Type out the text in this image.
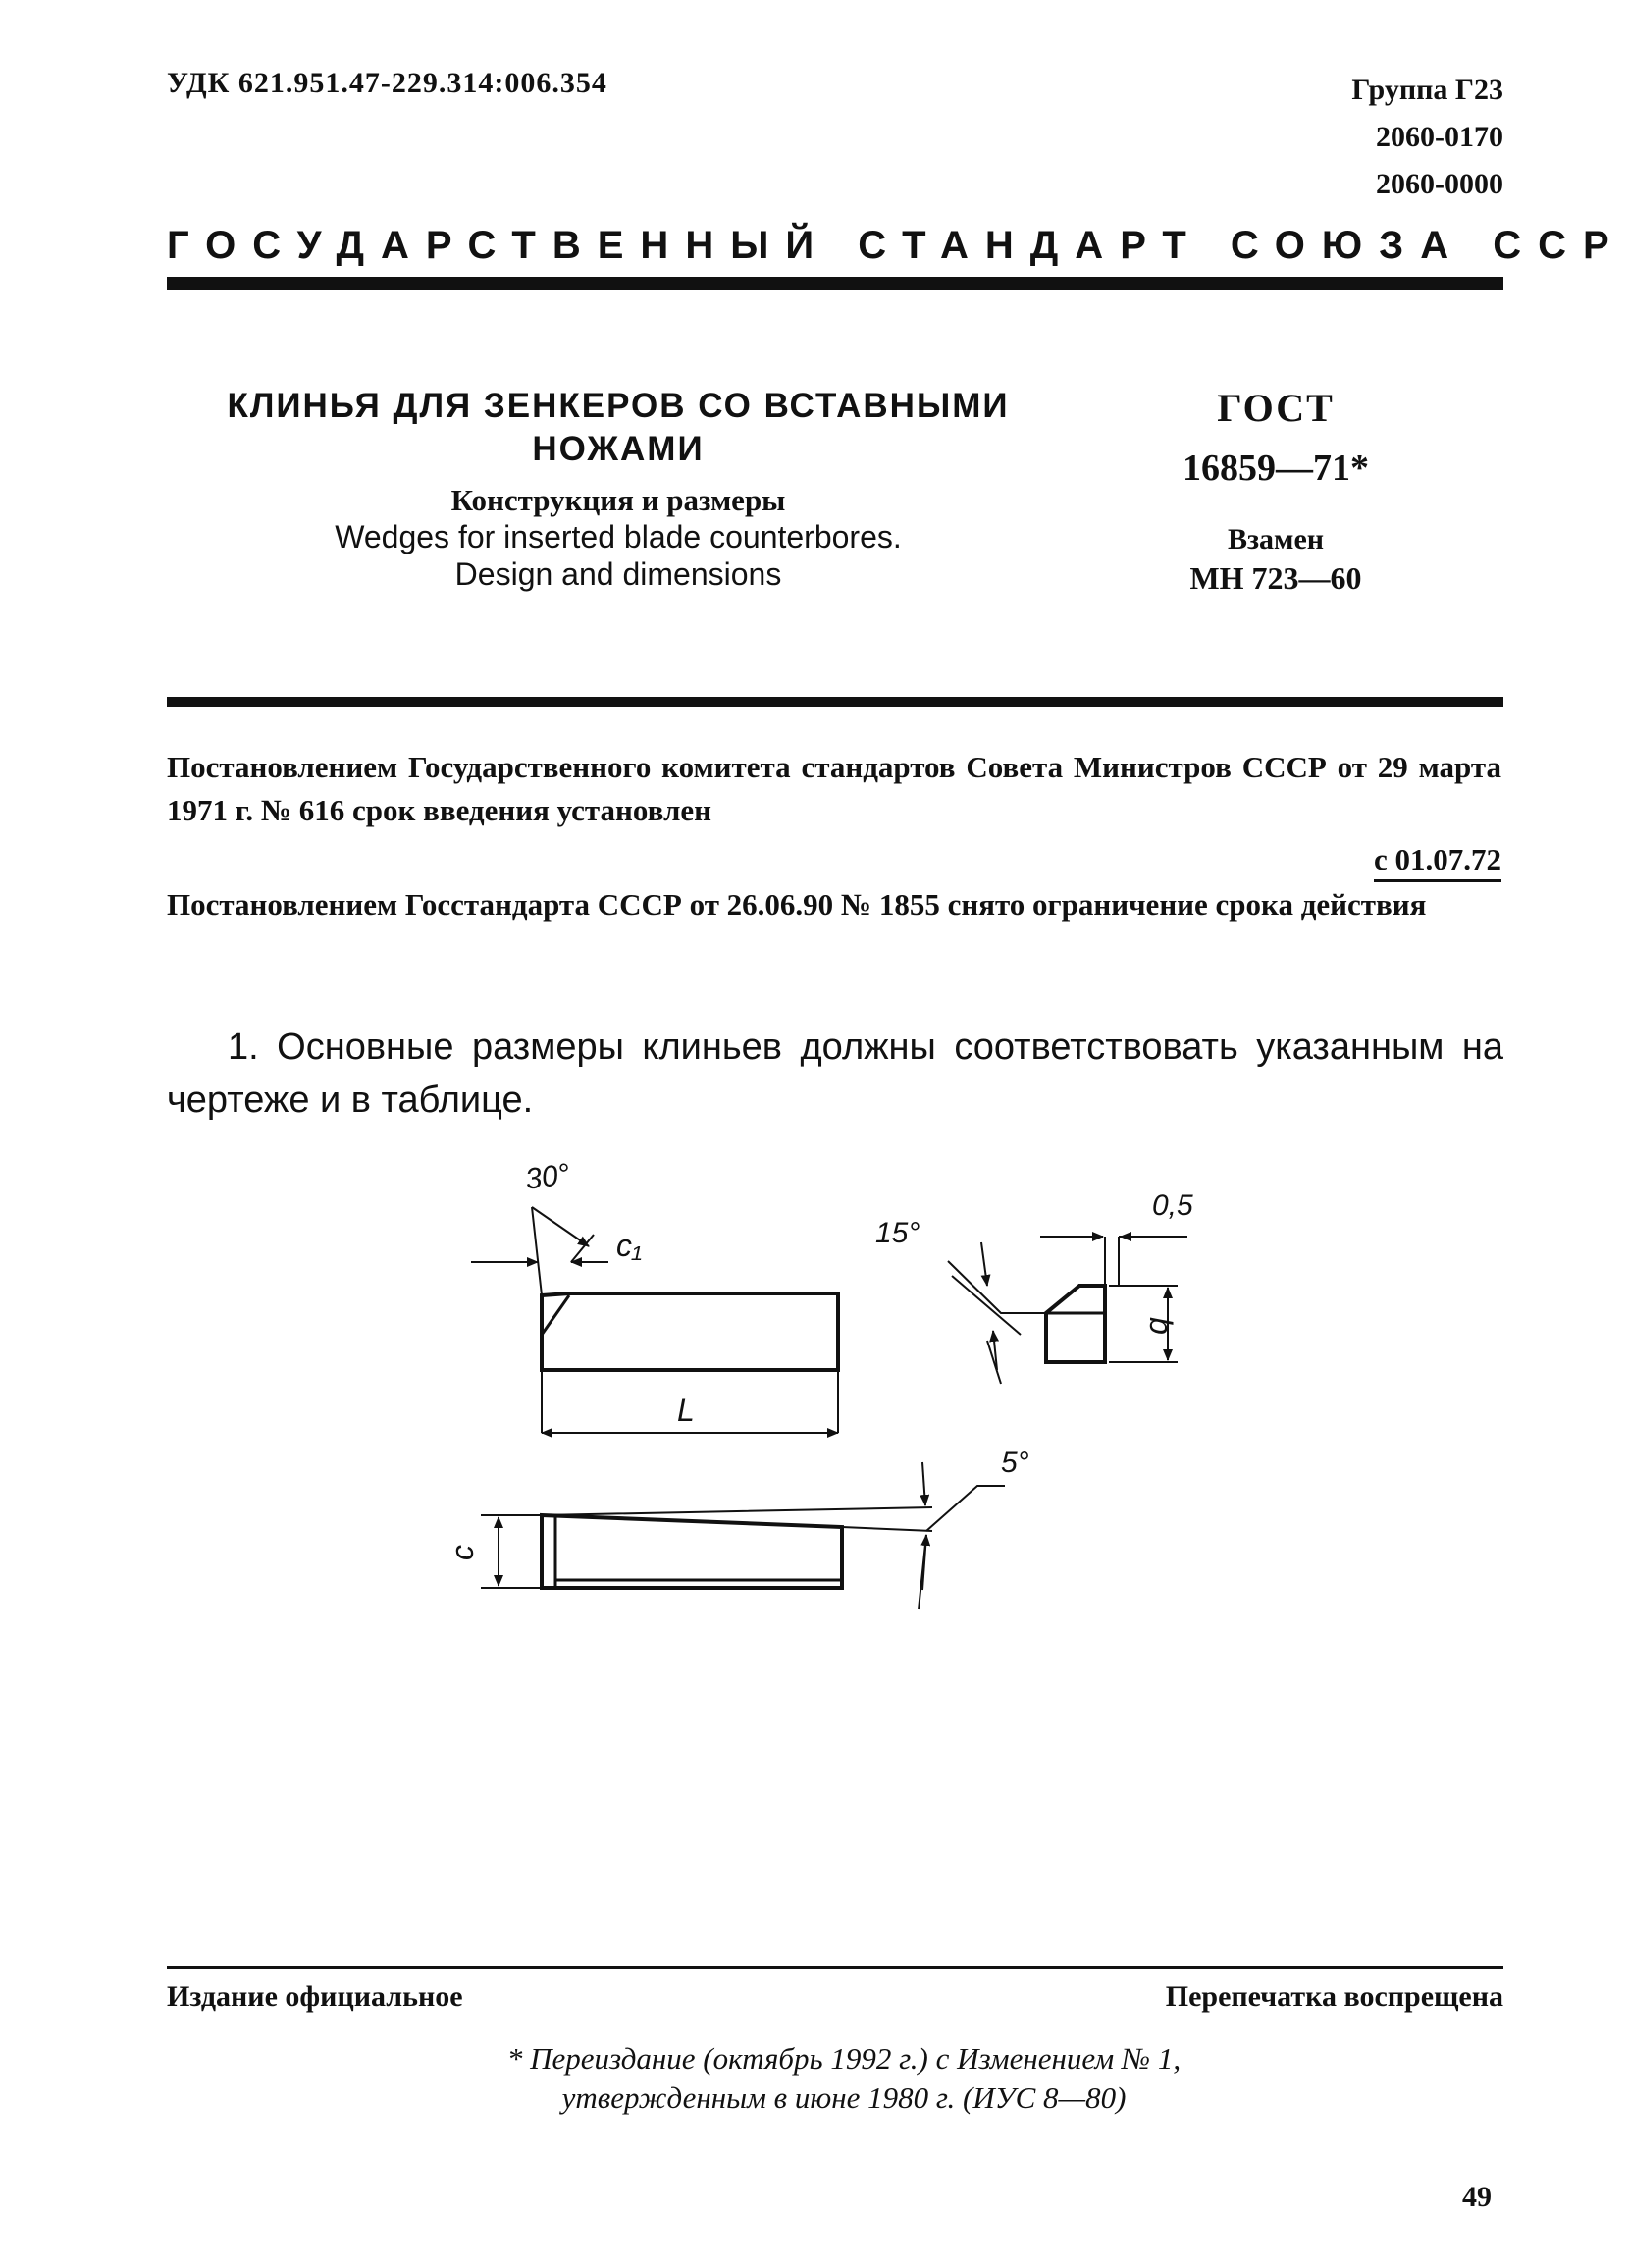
УДК 621.951.47-229.314:006.354	Группа Г23
2060-0170
2060-0000
ГОСУДАРСТВЕННЫЙ СТАНДАРТ СОЮЗА ССР
КЛИНЬЯ ДЛЯ ЗЕНКЕРОВ СО ВСТАВНЫМИ
НОЖАМИ
Конструкция и размеры
Wedges for inserted blade counterbores.
Design and dimensions
ГОСТ
16859—71*
Взамен
МН 723—60
Постановлением Государственного комитета стандартов Совета Министров СССР от 29 марта 1971 г. № 616 срок введения установлен
с 01.07.72
Постановлением Госстандарта СССР от 26.06.90 № 1855 снято ограничение срока действия
1. Основные размеры клиньев должны соответствовать указанным на чертеже и в таблице.
30°
c₁
L
15°
0,5
b
5°
c
Издание официальное	Перепечатка воспрещена
* Переиздание (октябрь 1992 г.) с Изменением № 1,
утвержденным в июне 1980 г. (ИУС 8—80)
49
